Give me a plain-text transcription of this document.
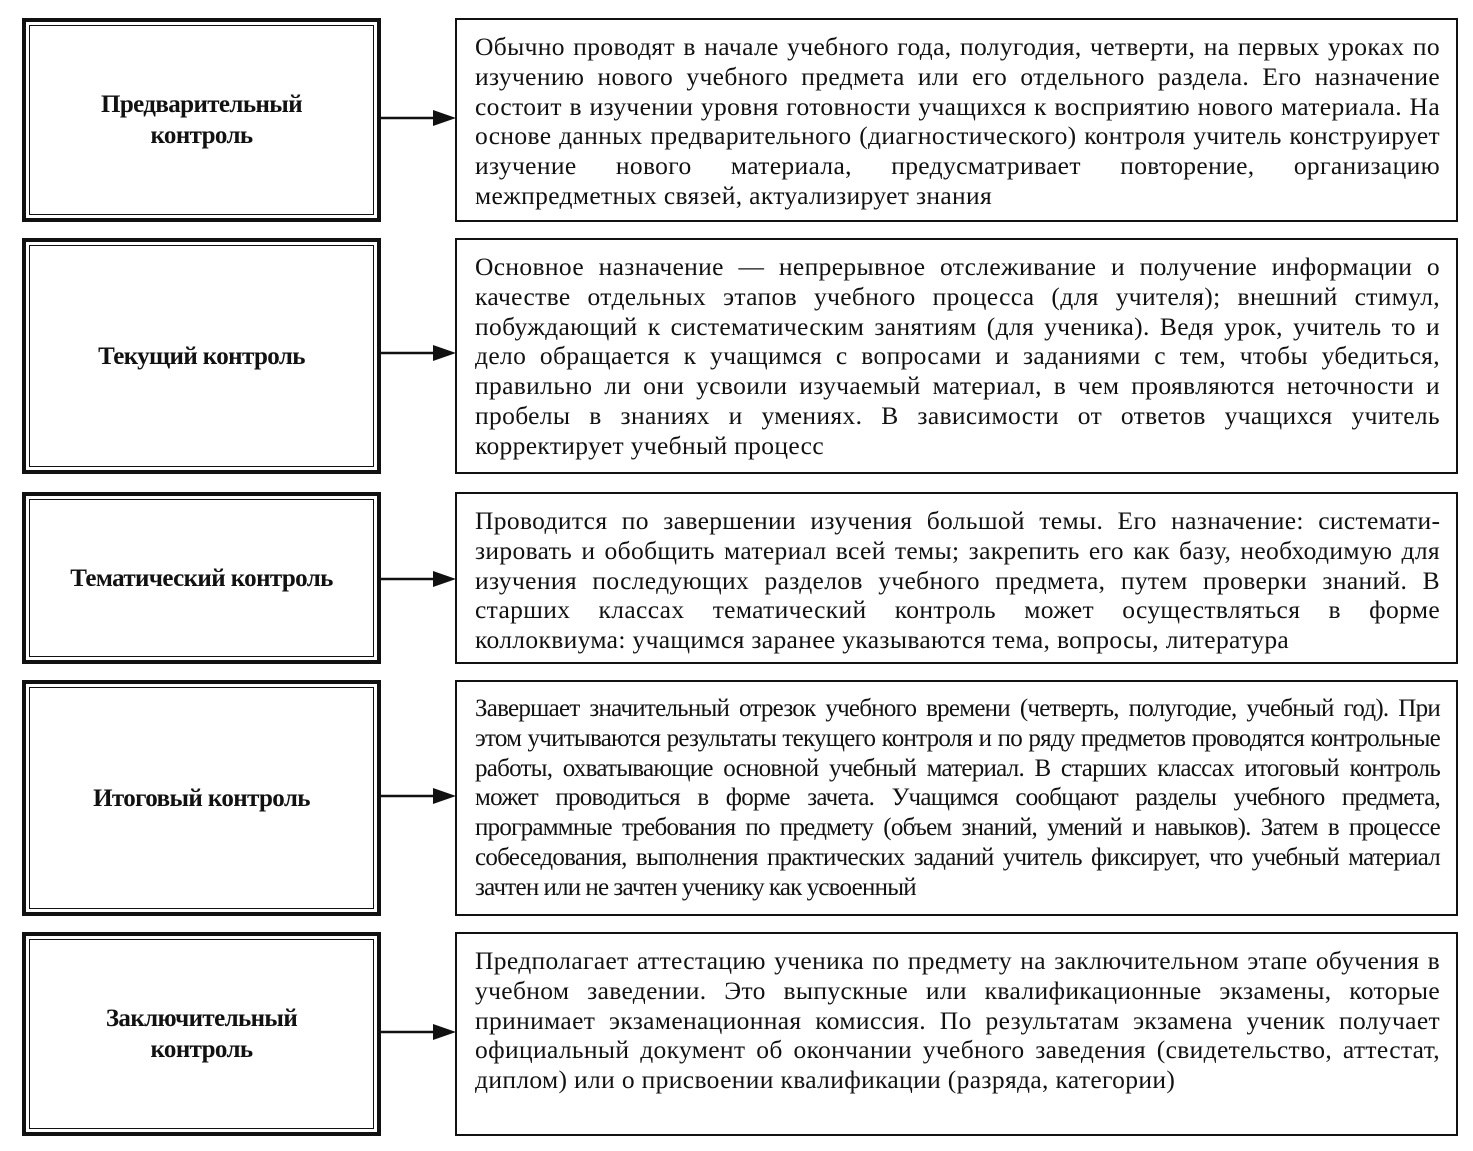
Предварительный
контроль
Обычно проводят в начале учебного года, полугодия, четверти, на первых уроках по изучению нового учебного предмета или его отдельного раздела. Его назначение состоит в изучении уровня готовности учащихся к восприятию нового материала. На основе данных предварительного (диагностического) контроля учитель конструирует изучение нового материала, предусматривает повторение, организацию межпредметных связей, актуализирует знания
Текущий контроль
Основное назначение — непрерывное отслеживание и получение информации о качестве отдельных этапов учебного процесса (для учителя); внешний стимул, побуждающий к систематическим занятиям (для ученика). Ведя урок, учитель то и дело обращается к учащимся с вопросами и заданиями с тем, чтобы убедиться, правильно ли они усвоили изучаемый материал, в чем проявляются неточности и пробелы в знаниях и умениях. В зависимости от ответов учащихся учитель корректирует учебный процесс
Тематический контроль
Проводится по завершении изучения большой темы. Его назначение: систематизировать и обобщить материал всей темы; закрепить его как базу, необходимую для изучения последующих разделов учебного предмета, путем проверки знаний. В старших классах тематический контроль может осуществляться в форме коллоквиума: учащимся заранее указываются тема, вопросы, литература
Итоговый контроль
Завершает значительный отрезок учебного времени (четверть, полугодие, учебный год). При этом учитываются результаты текущего контроля и по ряду предметов проводятся контрольные работы, охватывающие основной учебный материал. В старших классах итоговый контроль может проводиться в форме зачета. Учащимся сообщают разделы учебного предмета, программные требования по предмету (объем знаний, умений и навыков). Затем в процессе собеседования, выполнения практических заданий учитель фиксирует, что учебный материал зачтен или не зачтен ученику как усвоенный
Заключительный
контроль
Предполагает аттестацию ученика по предмету на заключительном этапе обучения в учебном заведении. Это выпускные или квалификационные экзамены, которые принимает экзаменационная комиссия. По результатам экзамена ученик получает официальный документ об окончании учебного заведения (свидетельство, аттестат, диплом) или о присвоении квалификации (разряда, категории)
